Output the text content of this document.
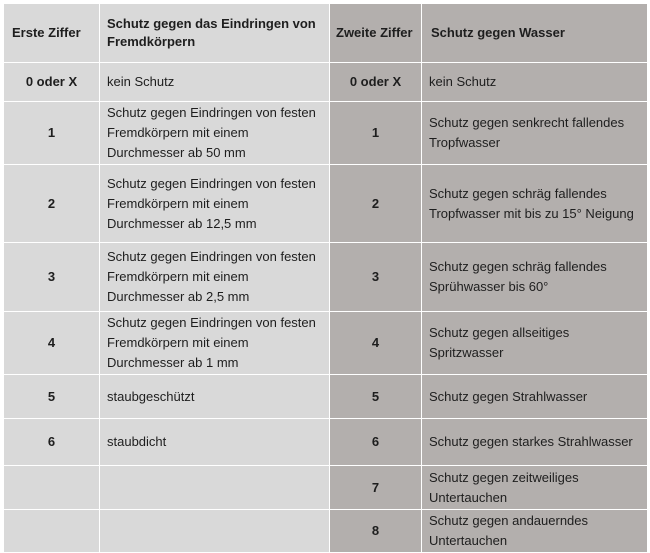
Erste Ziffer	Schutz gegen das Eindringen von Fremdkörpern	Zweite Ziffer	Schutz gegen Wasser
0 oder X	kein Schutz	0 oder X	kein Schutz
1	Schutz gegen Eindringen von festen Fremdkörpern mit einem Durchmesser ab 50 mm	1	Schutz gegen senkrecht fallendes Tropfwasser
2	Schutz gegen Eindringen von festen Fremdkörpern mit einem Durchmesser ab 12,5 mm	2	Schutz gegen schräg fallendes Tropfwasser mit bis zu 15° Neigung
3	Schutz gegen Eindringen von festen Fremdkörpern mit einem Durchmesser ab 2,5 mm	3	Schutz gegen schräg fallendes Sprühwasser bis 60°
4	Schutz gegen Eindringen von festen Fremdkörpern mit einem Durchmesser ab 1 mm	4	Schutz gegen allseitiges Spritzwasser
5	staubgeschützt	5	Schutz gegen Strahlwasser
6	staubdicht	6	Schutz gegen starkes Strahlwasser
		7	Schutz gegen zeitweiliges Untertauchen
		8	Schutz gegen andauerndes Untertauchen
